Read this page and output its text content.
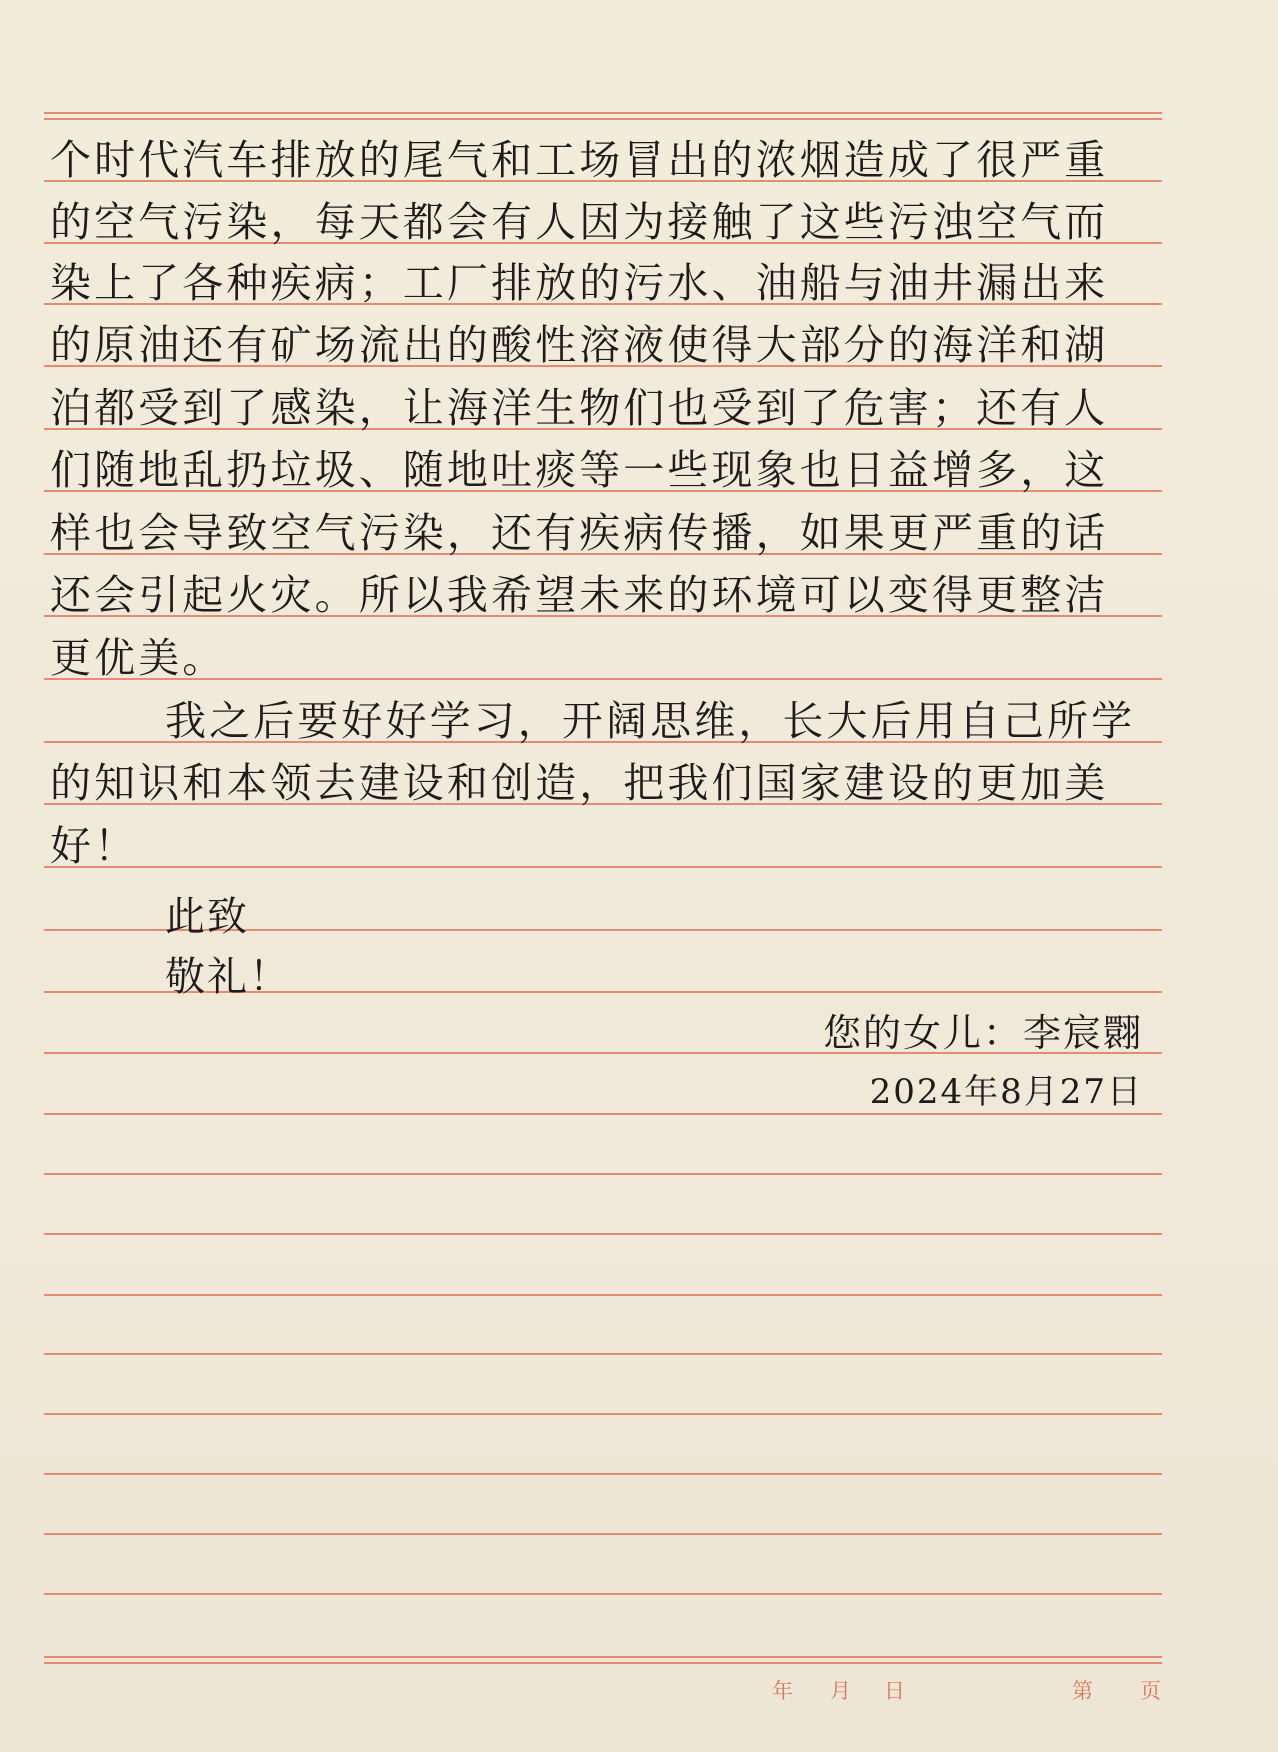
个时代汽车排放的尾气和工场冒出的浓烟造成了很严重
的空气污染，每天都会有人因为接触了这些污浊空气而
染上了各种疾病；工厂排放的污水、油船与油井漏出来
的原油还有矿场流出的酸性溶液使得大部分的海洋和湖
泊都受到了感染，让海洋生物们也受到了危害；还有人
们随地乱扔垃圾、随地吐痰等一些现象也日益增多，这
样也会导致空气污染，还有疾病传播，如果更严重的话
还会引起火灾。所以我希望未来的环境可以变得更整洁
更优美。
我之后要好好学习，开阔思维，长大后用自己所学
的知识和本领去建设和创造，把我们国家建设的更加美
好！
此致
敬礼！
您的女儿：李宸翾
2024年8月27日
年 月 日	第 页
